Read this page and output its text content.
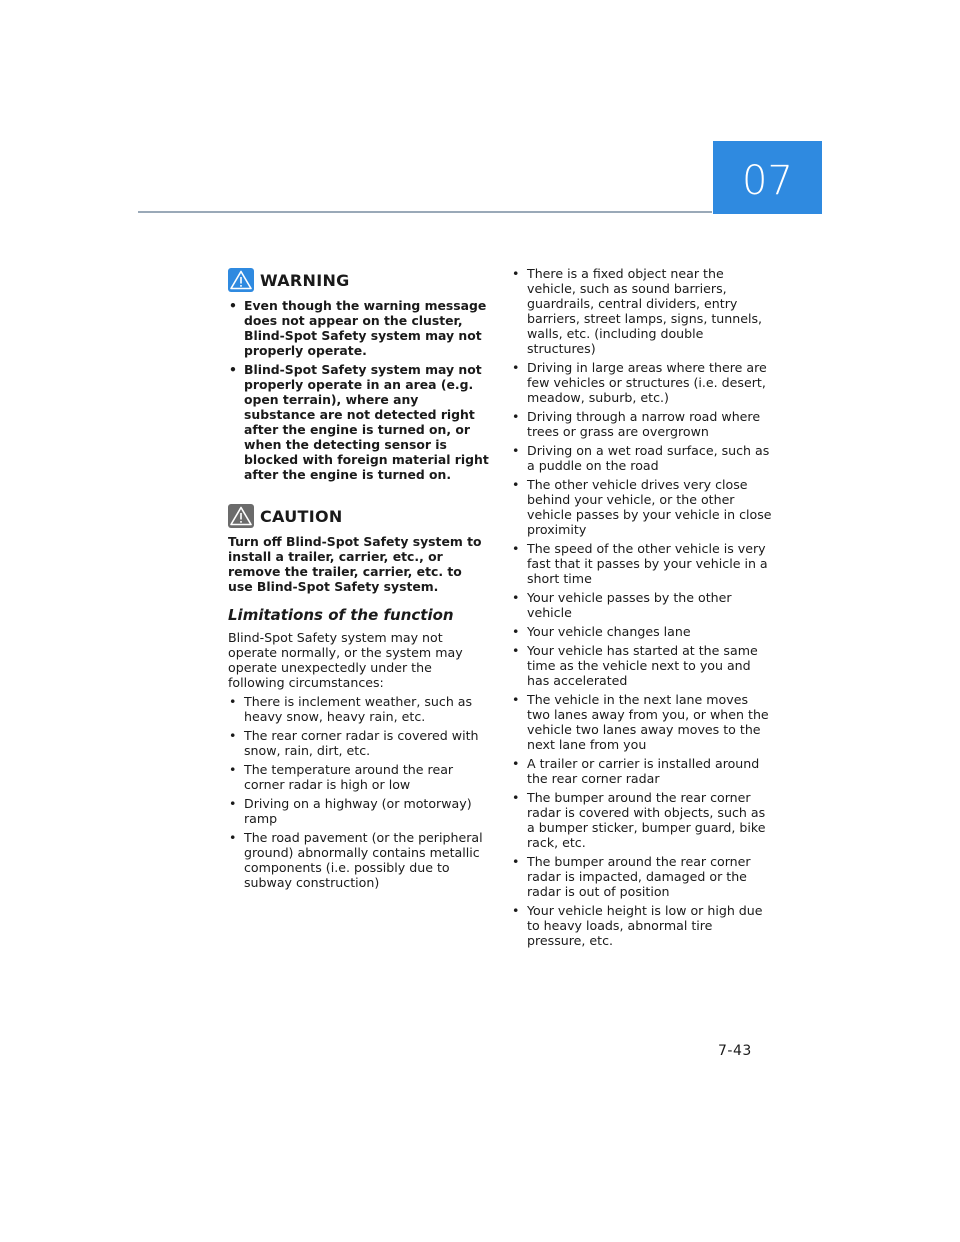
07
WARNING
• Even though the warning message does not appear on the cluster, Blind-Spot Safety system may not properly operate.
• Blind-Spot Safety system may not properly operate in an area (e.g. open terrain), where any substance are not detected right after the engine is turned on, or when the detecting sensor is blocked with foreign material right after the engine is turned on.
CAUTION

Turn off Blind-Spot Safety system to install a trailer, carrier, etc., or remove the trailer, carrier, etc. to use Blind-Spot Safety system.

Limitations of the function

Blind-Spot Safety system may not operate normally, or the system may operate unexpectedly under the following circumstances:

• There is inclement weather, such as heavy snow, heavy rain, etc.
• The rear corner radar is covered with snow, rain, dirt, etc.
• The temperature around the rear corner radar is high or low
• Driving on a highway (or motorway) ramp
• The road pavement (or the peripheral ground) abnormally contains metallic components (i.e. possibly due to subway construction)
• There is a fixed object near the vehicle, such as sound barriers, guardrails, central dividers, entry barriers, street lamps, signs, tunnels, walls, etc. (including double structures)
• Driving in large areas where there are few vehicles or structures (i.e. desert, meadow, suburb, etc.)
• Driving through a narrow road where trees or grass are overgrown
• Driving on a wet road surface, such as a puddle on the road
• The other vehicle drives very close behind your vehicle, or the other vehicle passes by your vehicle in close proximity
• The speed of the other vehicle is very fast that it passes by your vehicle in a short time
• Your vehicle passes by the other vehicle
• Your vehicle changes lane
• Your vehicle has started at the same time as the vehicle next to you and has accelerated
• The vehicle in the next lane moves two lanes away from you, or when the vehicle two lanes away moves to the next lane from you
• A trailer or carrier is installed around the rear corner radar
• The bumper around the rear corner radar is covered with objects, such as a bumper sticker, bumper guard, bike rack, etc.
• The bumper around the rear corner radar is impacted, damaged or the radar is out of position
• Your vehicle height is low or high due to heavy loads, abnormal tire pressure, etc.
7-43
